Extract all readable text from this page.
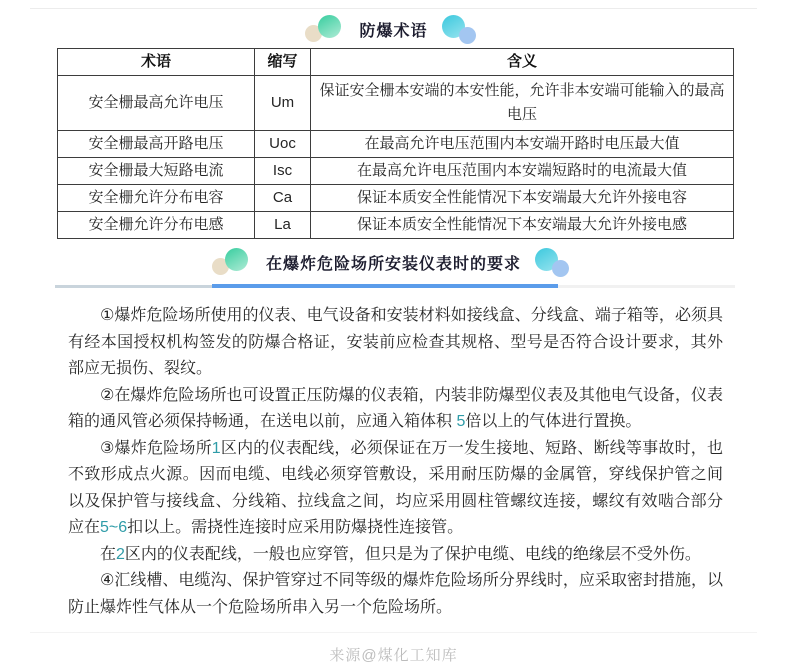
防爆术语
术语	缩写	含义
安全栅最高允许电压	Um	保证安全栅本安端的本安性能，允许非本安端可能输入的最高电压
安全栅最高开路电压	Uoc	在最高允许电压范围内本安端开路时电压最大值
安全栅最大短路电流	Isc	在最高允许电压范围内本安端短路时的电流最大值
安全栅允许分布电容	Ca	保证本质安全性能情况下本安端最大允许外接电容
安全栅允许分布电感	La	保证本质安全性能情况下本安端最大允许外接电感
在爆炸危险场所安装仪表时的要求

①爆炸危险场所使用的仪表、电气设备和安装材料如接线盒、分线盒、端子箱等，必须具有经本国授权机构签发的防爆合格证，安装前应检查其规格、型号是否符合设计要求，其外部应无损伤、裂纹。

②在爆炸危险场所也可设置正压防爆的仪表箱，内装非防爆型仪表及其他电气设备，仪表箱的通风管必须保持畅通，在送电以前，应通入箱体积 5倍以上的气体进行置换。

③爆炸危险场所1区内的仪表配线，必须保证在万一发生接地、短路、断线等事故时，也不致形成点火源。因而电缆、电线必须穿管敷设，采用耐压防爆的金属管，穿线保护管之间以及保护管与接线盒、分线箱、拉线盒之间，均应采用圆柱管螺纹连接，螺纹有效啮合部分应在5~6扣以上。需挠性连接时应采用防爆挠性连接管。

在2区内的仪表配线，一般也应穿管，但只是为了保护电缆、电线的绝缘层不受外伤。

④汇线槽、电缆沟、保护管穿过不同等级的爆炸危险场所分界线时，应采取密封措施，以防止爆炸性气体从一个危险场所串入另一个危险场所。

来源@煤化工知库
